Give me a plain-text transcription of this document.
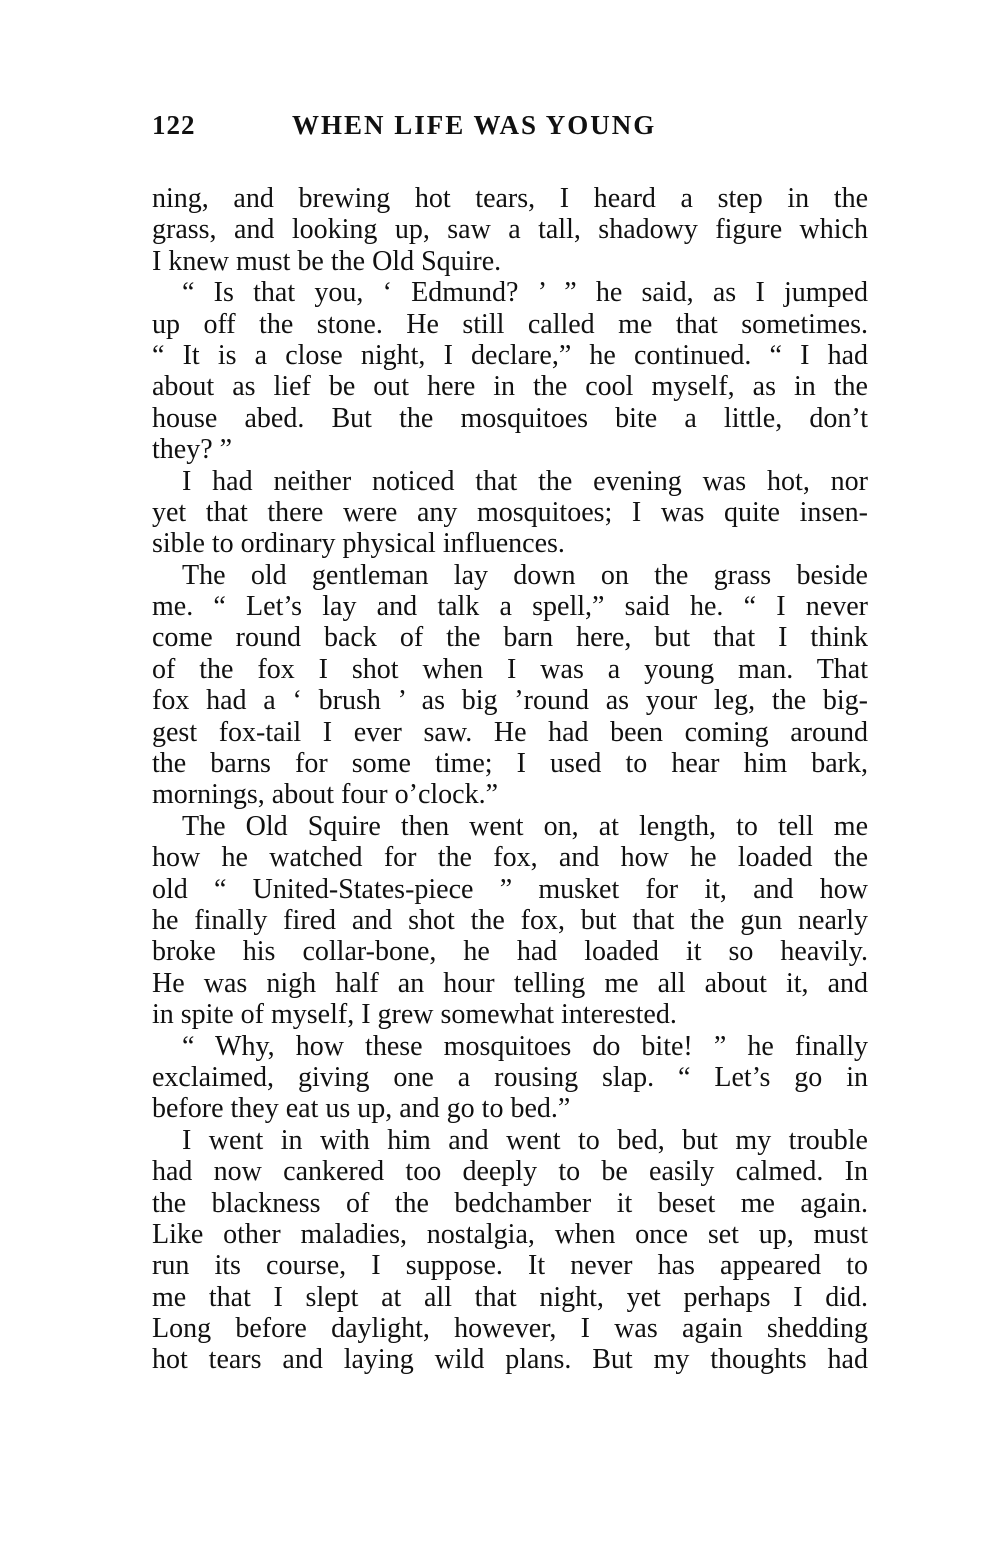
122	WHEN LIFE WAS YOUNG
ning, and brewing hot tears, I heard a step in the
grass, and looking up, saw a tall, shadowy figure which
I knew must be the Old Squire.
“ Is that you, ‘ Edmund? ’ ” he said, as I jumped
up off the stone. He still called me that sometimes.
“ It is a close night, I declare,” he continued. “ I had
about as lief be out here in the cool myself, as in the
house abed. But the mosquitoes bite a little, don’t
they? ”
I had neither noticed that the evening was hot, nor
yet that there were any mosquitoes; I was quite insen-
sible to ordinary physical influences.
The old gentleman lay down on the grass beside
me. “ Let’s lay and talk a spell,” said he. “ I never
come round back of the barn here, but that I think
of the fox I shot when I was a young man. That
fox had a ‘ brush ’ as big ’round as your leg, the big-
gest fox-tail I ever saw. He had been coming around
the barns for some time; I used to hear him bark,
mornings, about four o’clock.”
The Old Squire then went on, at length, to tell me
how he watched for the fox, and how he loaded the
old “ United-States-piece ” musket for it, and how
he finally fired and shot the fox, but that the gun nearly
broke his collar-bone, he had loaded it so heavily.
He was nigh half an hour telling me all about it, and
in spite of myself, I grew somewhat interested.
“ Why, how these mosquitoes do bite! ” he finally
exclaimed, giving one a rousing slap. “ Let’s go in
before they eat us up, and go to bed.”
I went in with him and went to bed, but my trouble
had now cankered too deeply to be easily calmed. In
the blackness of the bedchamber it beset me again.
Like other maladies, nostalgia, when once set up, must
run its course, I suppose. It never has appeared to
me that I slept at all that night, yet perhaps I did.
Long before daylight, however, I was again shedding
hot tears and laying wild plans. But my thoughts had
